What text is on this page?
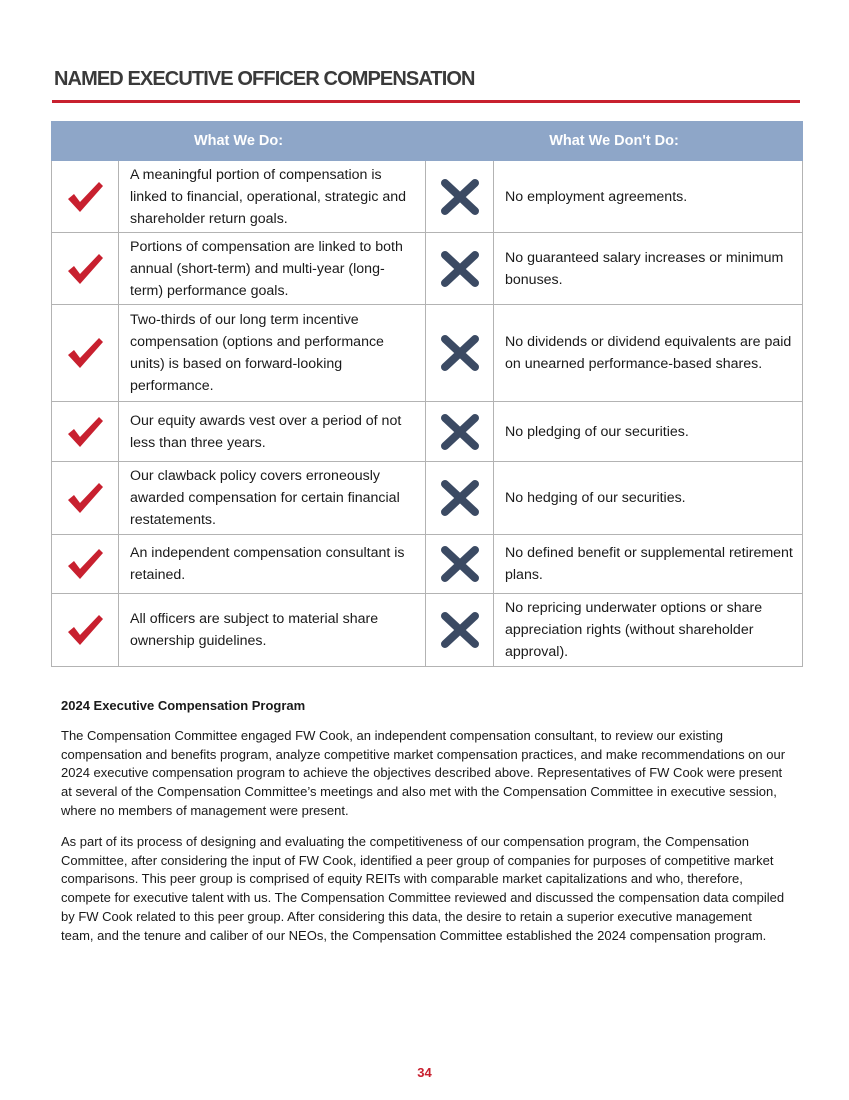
NAMED EXECUTIVE OFFICER COMPENSATION
What We Do:		What We Don't Do:	

	A meaningful portion of compensation is linked to financial, operational, strategic and shareholder return goals.		No employment agreements.

	Portions of compensation are linked to both annual (short-term) and multi-year (long-term) performance goals.		No guaranteed salary increases or minimum bonuses.

	Two-thirds of our long term incentive compensation (options and performance units) is based on forward-looking performance.		No dividends or dividend equivalents are paid on unearned performance-based shares.

	Our equity awards vest over a period of not less than three years.		No pledging of our securities.

	Our clawback policy covers erroneously awarded compensation for certain financial restatements.		No hedging of our securities.

	An independent compensation consultant is retained.		No defined benefit or supplemental retirement plans.

	All officers are subject to material share ownership guidelines.		No repricing underwater options or share appreciation rights (without shareholder approval).
2024 Executive Compensation Program

The Compensation Committee engaged FW Cook, an independent compensation consultant, to review our existing compensation and benefits program, analyze competitive market compensation practices, and make recommendations on our 2024 executive compensation program to achieve the objectives described above. Representatives of FW Cook were present at several of the Compensation Committee’s meetings and also met with the Compensation Committee in executive session, where no members of management were present.

As part of its process of designing and evaluating the competitiveness of our compensation program, the Compensation Committee, after considering the input of FW Cook, identified a peer group of companies for purposes of competitive market comparisons. This peer group is comprised of equity REITs with comparable market capitalizations and who, therefore, compete for executive talent with us. The Compensation Committee reviewed and discussed the compensation data compiled by FW Cook related to this peer group. After considering this data, the desire to retain a superior executive management team, and the tenure and caliber of our NEOs, the Compensation Committee established the 2024 compensation program.

34
